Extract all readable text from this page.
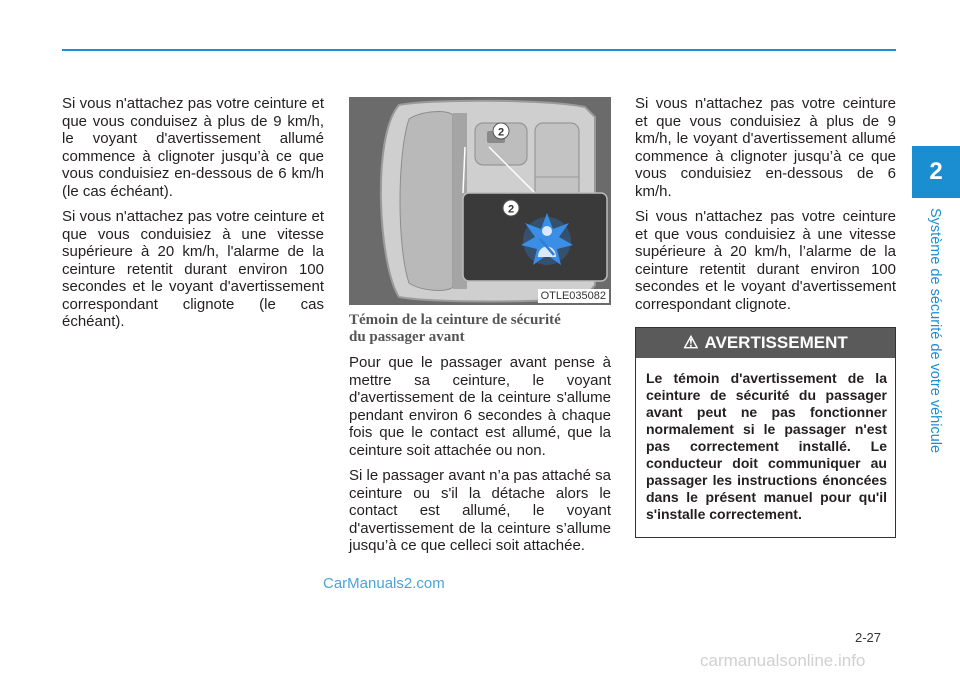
2
Système de sécurité de votre véhicule

Si vous n'attachez pas votre ceinture et que vous conduisez à plus de 9 km/h, le voyant d'avertissement allumé commence à clignoter jusqu’à ce que vous conduisiez en-dessous de 6 km/h (le cas échéant).

Si vous n'attachez pas votre ceinture et que vous conduisiez à une vitesse supérieure à 20 km/h, l'alarme de la ceinture retentit durant environ 100 secondes et le voyant d'avertissement correspondant clignote (le cas échéant).

2
2
OTLE035082
Témoin de la ceinture de sécurité
du passager avant

Pour que le passager avant pense à mettre sa ceinture, le voyant d'avertissement de la ceinture s'allume pendant environ 6 secondes à chaque fois que le contact est allumé, que la ceinture soit attachée ou non.

Si le passager avant n’a pas attaché sa ceinture ou s'il la détache alors le contact est allumé, le voyant d'avertissement de la ceinture s’allume jusqu’à ce que celleci soit attachée.

Si vous n'attachez pas votre ceinture et que vous conduisiez à plus de 9 km/h, le voyant d'avertissement allumé commence à clignoter jusqu’à ce que vous conduisiez en-dessous de 6 km/h.

Si vous n'attachez pas votre ceinture et que vous conduisiez à une vitesse supérieure à 20 km/h, l’alarme de la ceinture retentit durant environ 100 secondes et le voyant d'avertissement correspondant clignote.

⚠ AVERTISSEMENT
Le témoin d'avertissement de la ceinture de sécurité du passager avant peut ne pas fonctionner normalement si le passager n'est pas correctement installé. Le conducteur doit communiquer au passager les instructions énoncées dans le présent manuel pour qu'il s'installe correctement.
CarManuals2.com
2-27
carmanualsonline.info
